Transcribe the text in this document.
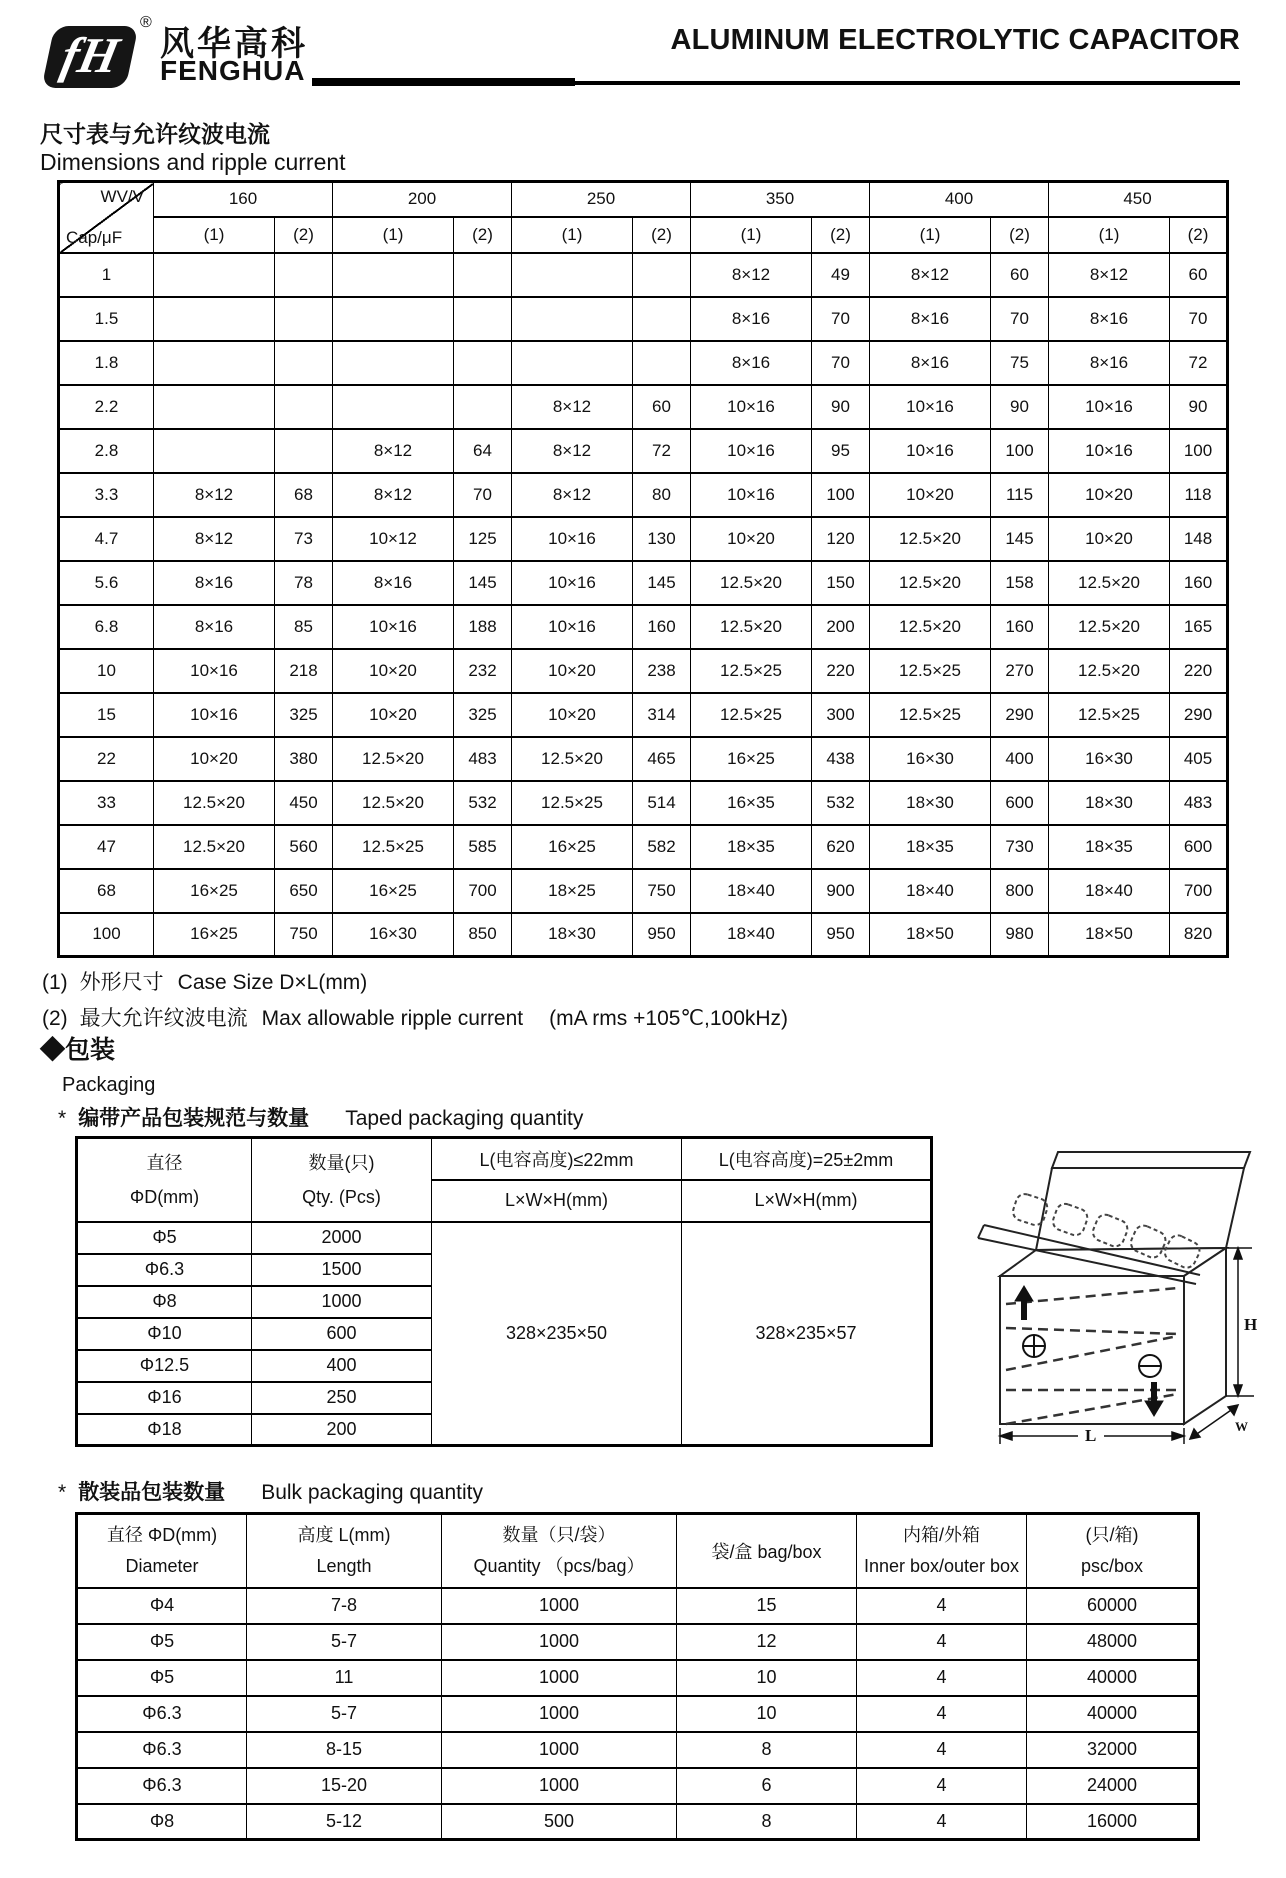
fH
®
风华高科
FENGHUA
ALUMINUM ELECTROLYTIC CAPACITOR
尺寸表与允许纹波电流
Dimensions and ripple current
WV/V
Cap/μF	160		200		250		350		400		450	
	(1)	(2)	(1)	(2)	(1)	(2)	(1)	(2)	(1)	(2)	(1)	(2)
1							8×12	49	8×12	60	8×12	60
1.5							8×16	70	8×16	70	8×16	70
1.8							8×16	70	8×16	75	8×16	72
2.2					8×12	60	10×16	90	10×16	90	10×16	90
2.8			8×12	64	8×12	72	10×16	95	10×16	100	10×16	100
3.3	8×12	68	8×12	70	8×12	80	10×16	100	10×20	115	10×20	118
4.7	8×12	73	10×12	125	10×16	130	10×20	120	12.5×20	145	10×20	148
5.6	8×16	78	8×16	145	10×16	145	12.5×20	150	12.5×20	158	12.5×20	160
6.8	8×16	85	10×16	188	10×16	160	12.5×20	200	12.5×20	160	12.5×20	165
10	10×16	218	10×20	232	10×20	238	12.5×25	220	12.5×25	270	12.5×20	220
15	10×16	325	10×20	325	10×20	314	12.5×25	300	12.5×25	290	12.5×25	290
22	10×20	380	12.5×20	483	12.5×20	465	16×25	438	16×30	400	16×30	405
33	12.5×20	450	12.5×20	532	12.5×25	514	16×35	532	18×30	600	18×30	483
47	12.5×20	560	12.5×25	585	16×25	582	18×35	620	18×35	730	18×35	600
68	16×25	650	16×25	700	18×25	750	18×40	900	18×40	800	18×40	700
100	16×25	750	16×30	850	18×30	950	18×40	950	18×50	980	18×50	820
(1) 外形尺寸 Case Size D×L(mm)
(2) 最大允许纹波电流 Max allowable ripple current (mA rms +105℃,100kHz)
◆包装
Packaging
* 编带产品包装规范与数量 Taped packaging quantity
直径
ΦD(mm)

数量(只)
Qty. (Pcs)
	L(电容高度)≤22mm	L(电容高度)=25±2mm
		L×W×H(mm)	L×W×H(mm)
Φ5	2000	328×235×50	328×235×57
Φ6.3	1500		
Φ8	1000		
Φ10	600		
Φ12.5	400		
Φ16	250		
Φ18	200		
H
W
L
* 散装品包装数量 Bulk packaging quantity
直径 ΦD(mm)
Diameter

高度 L(mm)
Length

数量（只/袋）
Quantity （pcs/bag）
	袋/盒 bag/box	
内箱/外箱
Inner box/outer box

(只/箱)
psc/box

Φ4	7-8	1000	15	4	60000
Φ5	5-7	1000	12	4	48000
Φ5	11	1000	10	4	40000
Φ6.3	5-7	1000	10	4	40000
Φ6.3	8-15	1000	8	4	32000
Φ6.3	15-20	1000	6	4	24000
Φ8	5-12	500	8	4	16000
